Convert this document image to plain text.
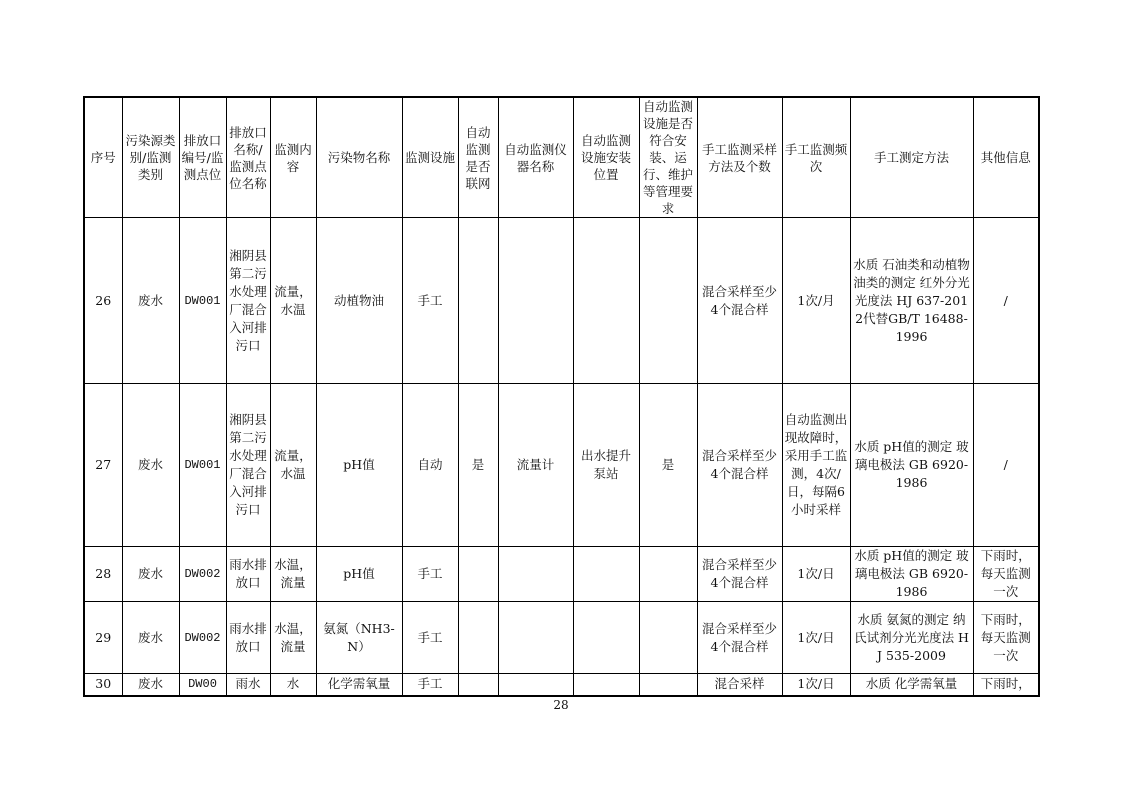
序号	污染源类别/监测类别	排放口编号/监测点位	排放口名称/监测点位名称	监测内容	污染物名称	监测设施	自动监测是否联网	自动监测仪器名称	自动监测设施安装位置	自动监测设施是否符合安装、运行、维护等管理要求	手工监测采样方法及个数	手工监测频次	手工测定方法	其他信息
26	废水	DW001	湘阴县第二污水处理厂混合入河排污口	流量，水温	动植物油	手工					混合采样至少4个混合样	1次/月	水质 石油类和动植物油类的测定 红外分光光度法 HJ 637-2012代替GB/T 16488-1996	/
27	废水	DW001	湘阴县第二污水处理厂混合入河排污口	流量，水温	pH值	自动	是	流量计	出水提升泵站	是	混合采样至少4个混合样	自动监测出现故障时，采用手工监测，4次/日，每隔6小时采样	水质 pH值的测定 玻璃电极法 GB 6920-1986	/
28	废水	DW002	雨水排放口	水温，流量	pH值	手工					混合采样至少4个混合样	1次/日	水质 pH值的测定 玻璃电极法 GB 6920-1986	下雨时，每天监测一次
29	废水	DW002	雨水排放口	水温，流量	氨氮（NH3-N）	手工					混合采样至少4个混合样	1次/日	水质 氨氮的测定 纳氏试剂分光光度法 HJ 535-2009	下雨时，每天监测一次
30	废水	DW00	雨水	水	化学需氧量	手工					混合采样	1次/日	水质 化学需氧量	下雨时，
28
